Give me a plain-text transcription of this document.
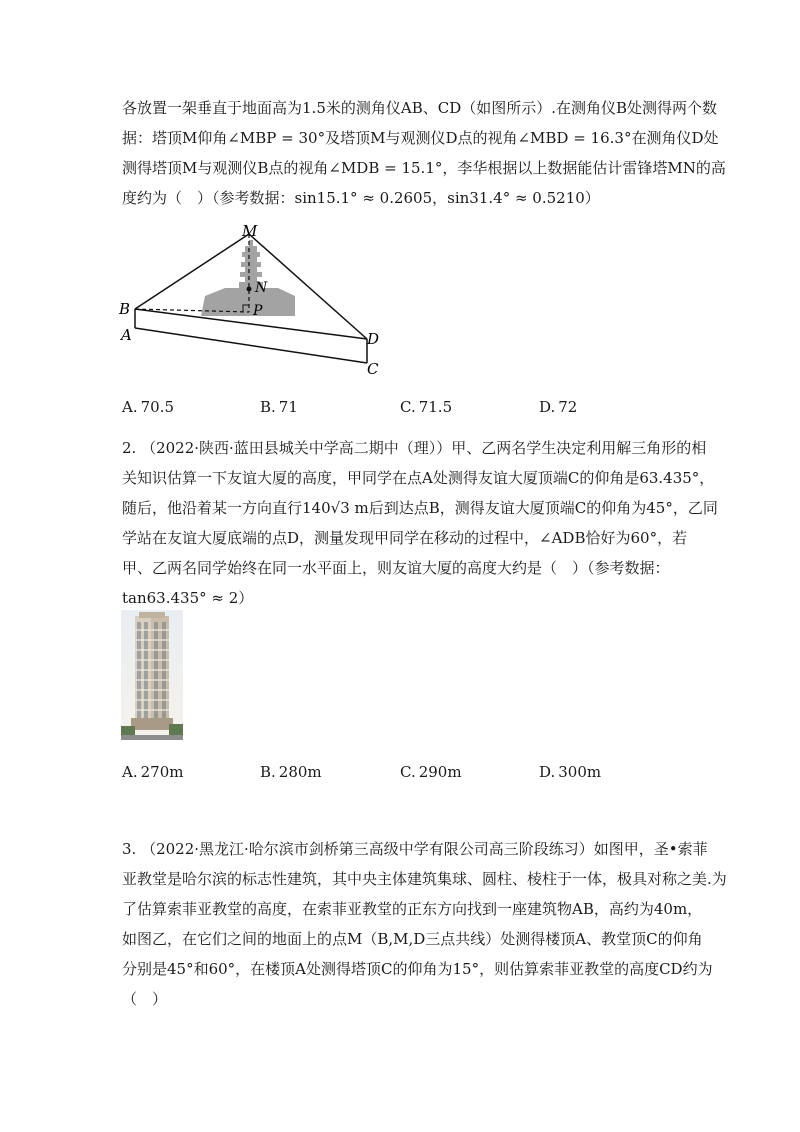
各放置一架垂直于地面高为1.5米的测角仪AB、CD（如图所示）.在测角仪B处测得两个数
据：塔顶M仰角∠MBP = 30°及塔顶M与观测仪D点的视角∠MBD = 16.3°在测角仪D处
测得塔顶M与观测仪B点的视角∠MDB = 15.1°，李华根据以上数据能估计雷锋塔MN的高
度约为（　）（参考数据：sin15.1° ≈ 0.2605，sin31.4° ≈ 0.5210）
M
N
P
B
A	D
C
A. 70.5	B. 71	C. 71.5	D. 72
2. （2022·陕西·蓝田县城关中学高二期中（理））甲、乙两名学生决定利用解三角形的相
关知识估算一下友谊大厦的高度，甲同学在点A处测得友谊大厦顶端C的仰角是63.435°，
随后，他沿着某一方向直行140√3 m后到达点B，测得友谊大厦顶端C的仰角为45°，乙同
学站在友谊大厦底端的点D，测量发现甲同学在移动的过程中，∠ADB恰好为60°，若
甲、乙两名同学始终在同一水平面上，则友谊大厦的高度大约是（　）（参考数据：
tan63.435° ≈ 2）
A. 270m	B. 280m	C. 290m	D. 300m
3. （2022·黑龙江·哈尔滨市剑桥第三高级中学有限公司高三阶段练习）如图甲，圣•索菲
亚教堂是哈尔滨的标志性建筑，其中央主体建筑集球、圆柱、棱柱于一体，极具对称之美.为
了估算索菲亚教堂的高度，在索菲亚教堂的正东方向找到一座建筑物AB，高约为40m，
如图乙，在它们之间的地面上的点M（B,M,D三点共线）处测得楼顶A、教堂顶C的仰角
分别是45°和60°，在楼顶A处测得塔顶C的仰角为15°，则估算索菲亚教堂的高度CD约为
（　）
